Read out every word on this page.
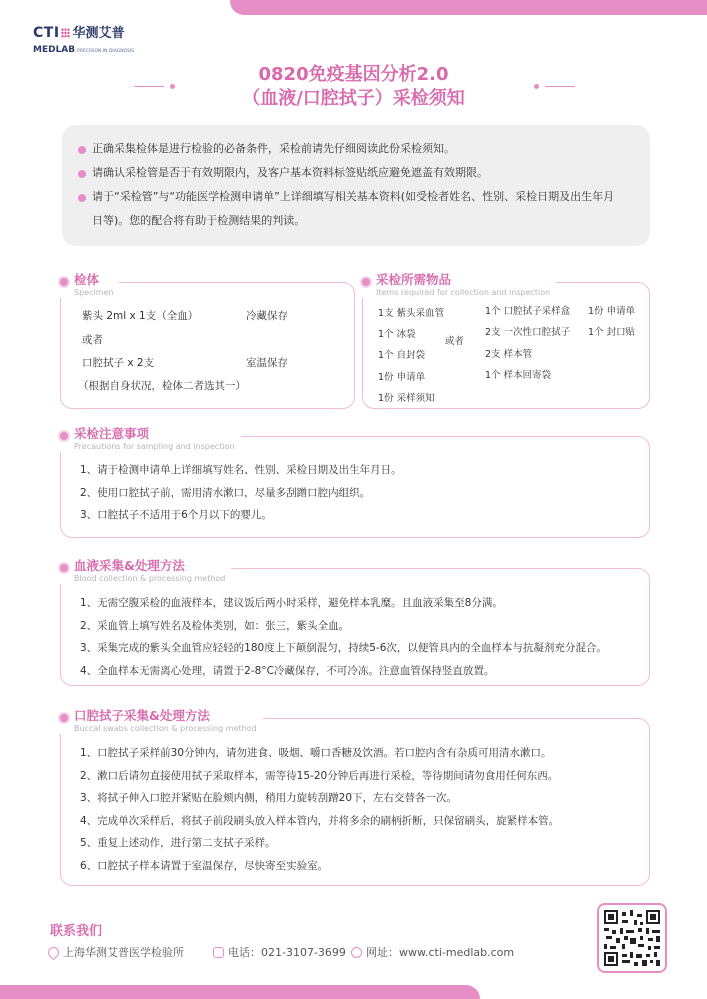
CTI 华测艾普
MEDLAB PRECISION IN DIAGNOSIS
0820免疫基因分析2.0
（血液/口腔拭子）采检须知
正确采集检体是进行检验的必备条件，采检前请先仔细阅读此份采检须知。
请确认采检管是否于有效期限内，及客户基本资料标签贴纸应避免遮盖有效期限。
请于“采检管”与“功能医学检测申请单”上详细填写相关基本资料(如受检者姓名、性别、采检日期及出生年月
日等)。您的配合将有助于检测结果的判读。
检体
Specimen
紫头 2ml x 1支（全血）	冷藏保存
或者
口腔拭子 x 2支	室温保存
（根据自身状况，检体二者选其一）
采检所需物品
Items required for collection and inspection
1支 紫头采血管
1个 冰袋
1个 自封袋
1份 申请单
1份 采样须知
或者
1个 口腔拭子采样盒
2支 一次性口腔拭子
2支 样本管
1个 样本回寄袋
1份 申请单
1个 封口贴
采检注意事项
Precautions for sampling and inspection
1、请于检测申请单上详细填写姓名、性别、采检日期及出生年月日。
2、使用口腔拭子前，需用清水漱口，尽量多刮蹭口腔内组织。
3、口腔拭子不适用于6个月以下的婴儿。
血液采集&处理方法
Blood collection & processing method
1、无需空腹采检的血液样本，建议饭后两小时采样，避免样本乳糜。且血液采集至8分满。
2、采血管上填写姓名及检体类别，如：张三，紫头全血。
3、采集完成的紫头全血管应轻轻的180度上下颠倒混匀，持续5-6次，以便管具内的全血样本与抗凝剂充分混合。
4、全血样本无需离心处理，请置于2-8°C冷藏保存，不可冷冻。注意血管保持竖直放置。
口腔拭子采集&处理方法
Buccal swabs collection & processing method
1、口腔拭子采样前30分钟内，请勿进食、吸烟、嚼口香糖及饮酒。若口腔内含有杂质可用清水漱口。
2、漱口后请勿直接使用拭子采取样本，需等待15-20分钟后再进行采检，等待期间请勿食用任何东西。
3、将拭子伸入口腔并紧贴在脸颊内侧，稍用力旋转刮蹭20下，左右交替各一次。
4、完成单次采样后，将拭子前段刷头放入样本管内，并将多余的刷柄折断，只保留刷头，旋紧样本管。
5、重复上述动作，进行第二支拭子采样。
6、口腔拭子样本请置于室温保存，尽快寄至实验室。
联系我们
上海华测艾普医学检验所	电话：021-3107-3699 网址：www.cti-medlab.com
